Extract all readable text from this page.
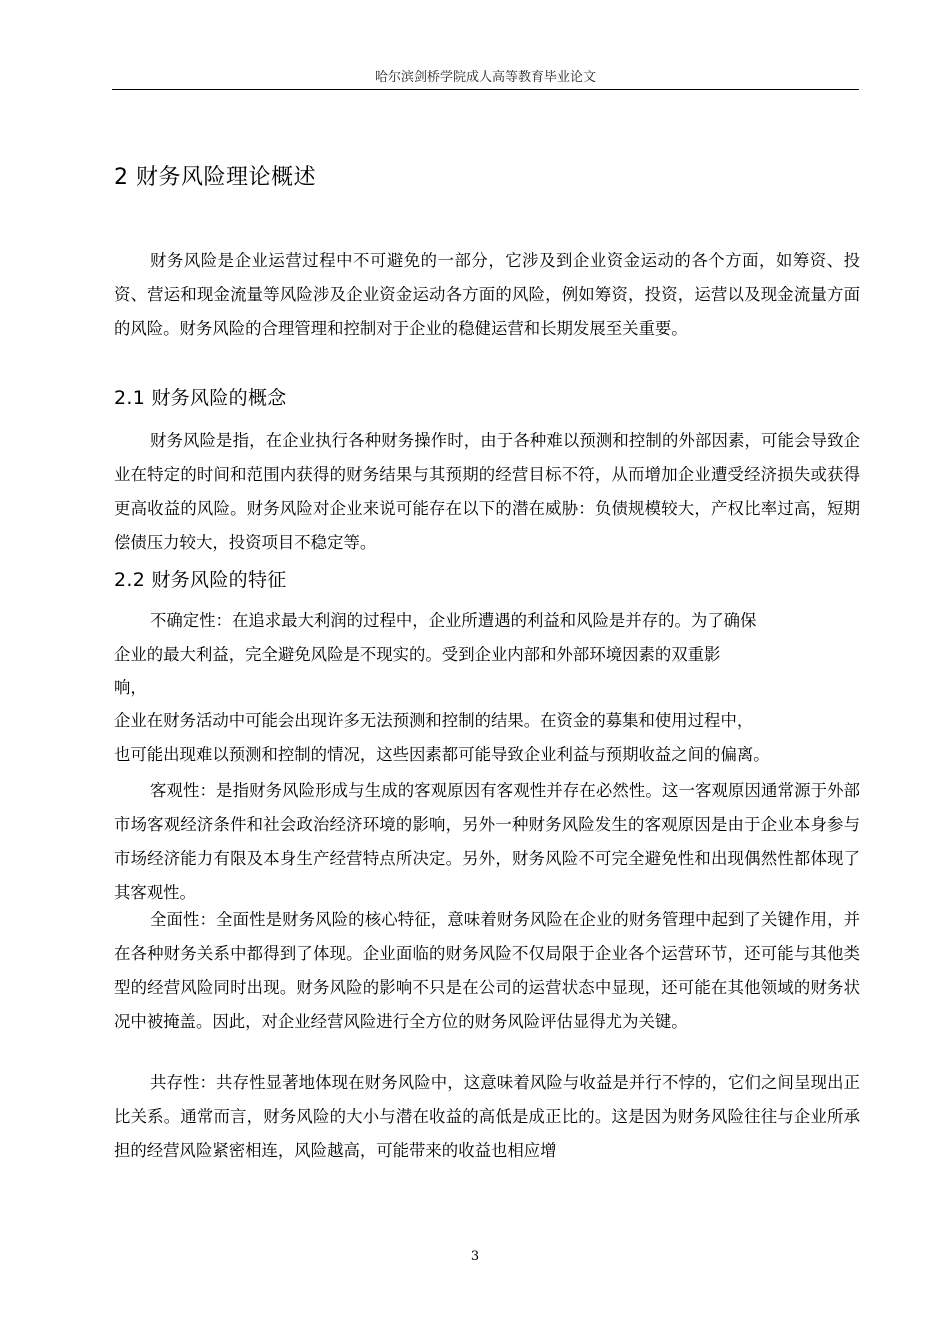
哈尔滨剑桥学院成人高等教育毕业论文
2 财务风险理论概述

财务风险是企业运营过程中不可避免的一部分，它涉及到企业资金运动的各个方面，如筹资、投资、营运和现金流量等风险涉及企业资金运动各方面的风险，例如筹资，投资，运营以及现金流量方面的风险。财务风险的合理管理和控制对于企业的稳健运营和长期发展至关重要。

2.1 财务风险的概念

财务风险是指，在企业执行各种财务操作时，由于各种难以预测和控制的外部因素，可能会导致企业在特定的时间和范围内获得的财务结果与其预期的经营目标不符，从而增加企业遭受经济损失或获得更高收益的风险。财务风险对企业来说可能存在以下的潜在威胁：负债规模较大，产权比率过高，短期偿债压力较大，投资项目不稳定等。

2.2 财务风险的特征
不确定性：在追求最大利润的过程中，企业所遭遇的利益和风险是并存的。为了确保
企业的最大利益，完全避免风险是不现实的。受到企业内部和外部环境因素的双重影
响，
企业在财务活动中可能会出现许多无法预测和控制的结果。在资金的募集和使用过程中，
也可能出现难以预测和控制的情况，这些因素都可能导致企业利益与预期收益之间的偏离。

客观性：是指财务风险形成与生成的客观原因有客观性并存在必然性。这一客观原因通常源于外部市场客观经济条件和社会政治经济环境的影响，另外一种财务风险发生的客观原因是由于企业本身参与市场经济能力有限及本身生产经营特点所决定。另外，财务风险不可完全避免性和出现偶然性都体现了其客观性。

全面性：全面性是财务风险的核心特征，意味着财务风险在企业的财务管理中起到了关键作用，并在各种财务关系中都得到了体现。企业面临的财务风险不仅局限于企业各个运营环节，还可能与其他类型的经营风险同时出现。财务风险的影响不只是在公司的运营状态中显现，还可能在其他领域的财务状况中被掩盖。因此，对企业经营风险进行全方位的财务风险评估显得尤为关键。

共存性：共存性显著地体现在财务风险中，这意味着风险与收益是并行不悖的，它们之间呈现出正比关系。通常而言，财务风险的大小与潜在收益的高低是成正比的。这是因为财务风险往往与企业所承担的经营风险紧密相连，风险越高，可能带来的收益也相应增

3
